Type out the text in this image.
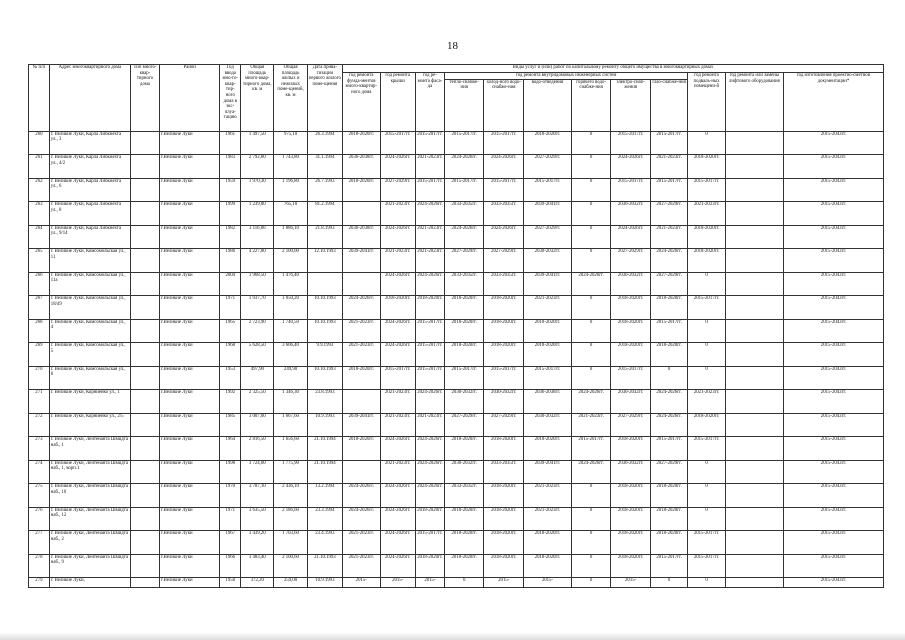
18
№ п/п	Адрес многоквартирного дома	Тип много-квар-тирного дома	Район	Год ввода мно-го-квар-тир-ного дома в экс-плуа-тацию	Общая площадь много-квар-тирного дома, кв. м	Общая площадь жилых и нежилых поме-щений, кв. м	Дата прива-тизации первого жилого поме-щения	Виды услуг и (или) работ по капитальному ремонту общего имущества в многоквартирных домах											
								год ремонта фунда-ментов много-квартир-ного дома	год ремонта крыши	год ре-монта фаса-да	год ремонта внутридомовых инженерных систем						год ремонта подваль-ных помещени-й	год ремонта или замены лифтового оборудования	год изготовления проектно-сметной документации*
											тепло-снабже-ния	холод-ного водо-снабже-ния	водо-отведения	горячего водо-снабже-ния	электро-снаб-жения	газо-снабже-ния			
260	г. Великие Луки, Карла Либкнехта ул., 3		г.Великие Луки	1961	1 497,50	975,10	26.3.1994	2018-2020гг.	2015-2017гг.	2015-2017гг.	2015-2017гг.	2015-2017гг.	2018-2020гг.	0	2015-2017гг.	2015-2017гг.	0		2015-2043гг.
261	г. Великие Луки, Карла Либкнехта ул., 4/2		г.Великие Луки	1983	2 792,80	1 743,80	31.1.1994	2036-2038гг.	2024-2026гг.	2021-2023гг.	2024-2026гг.	2024-2026гг.	2027-2029гг.	0	2024-2026гг.	2021-2023гг.	2018-2020гг.		2015-2043гг.
262	г. Великие Луки, Карла Либкнехта ул., 6		г.Великие Луки	1959	1 970,30	1 196,80	26.7.1993	2018-2020гг.	2027-2029гг.	2015-2017гг.	2015-2017гг.	2015-2017гг.	2015-2017гг.	0	2015-2017гг.	2015-2017гг.	2015-2017гг.		2015-2043гг.
263	г. Великие Луки, Карла Либкнехта ул., 8		г.Великие Луки	1999	1 239,80	765,10	81.2.1994		2021-2023гг.	2024-2026гг.	2033-2035гг.	2033-2035гг.	2039-2041гг.	0	2030-2032гг.	2027-2029гг.	2021-2023гг.		2015-2043гг.
264	г. Великие Луки, Карла Либкнехта ул., 9/14		г.Великие Луки	1982	3 116,00	1 886,10	21.8.1993	2036-2038гг.	2024-2026гг.	2021-2023гг.	2024-2026гг.	2024-2026гг.	2027-2029гг.	0	2024-2026гг.	2021-2023гг.	2018-2020гг.		2015-2043гг.
265	г. Великие Луки, Комсомольская ул., 11		г.Великие Луки	1986	4 227,80	2 100,00	12.10.1993	2039-2041гг.	2021-2023гг.	2021-2023гг.	2027-2029гг.	2027-2029гг.	2030-2032гг.	0	2027-2029гг.	2024-2026гг.	2018-2020гг.		2015-2043гг.
266	г. Великие Луки, Комсомольская ул., 11а		г.Великие Луки	2004	1 968,50	1 476,40			2024-2026гг.	2024-2026гг.	2033-2035гг.	2033-2035гг.	2039-2041гг.	2024-2026гг.	2030-2032гг.	2027-2029гг.	0		2015-2043гг.
267	г. Великие Луки, Комсомольская ул., 18/49		г.Великие Луки	1971	1 937,70	1 050,20	10.10.1993	2024-2026гг.	2018-2020гг.	2018-2020гг.	2018-2020гг.	2018-2020гг.	2021-2023гг.	0	2018-2020гг.	2018-2020гг.	2015-2017гг.		2015-2043гг.
268	г. Великие Луки, Комсомольская ул., 4		г.Великие Луки	1965	2 723,90	1 740,50	10.10.1993	2021-2023гг.	2024-2026гг.	2015-2017гг.	2018-2020гг.	2018-2020гг.	2018-2020гг.	0	2018-2020гг.	2015-2017гг.	0		2015-2043гг.
269	г. Великие Луки, Комсомольская ул., 5		г.Великие Луки	1968	5 628,50	3 606,40	9.9.1993	2021-2023гг.	2024-2026гг.	2015-2017гг.	2018-2020гг.	2018-2020гг.	2018-2020гг.	0	2018-2020гг.	2018-2020гг.	0		2015-2043гг.
270	г. Великие Луки, Комсомольская ул., 6		г.Великие Луки	1953	497,90	249,90	10.10.1993	2018-2020гг.	2015-2017гг.	2015-2017гг.	2015-2017гг.	2015-2017гг.	2015-2017гг.	0	2015-2017гг.	0	0		2015-2043гг.
271	г. Великие Луки, Корниенко ул., 1		г.Великие Луки	1992	2 325,50	1 346,30	23.8.1993		2021-2023гг.	2024-2026гг.	2030-2032гг.	2030-2032гг.	2036-2038гг.	2024-2026гг.	2030-2032гг.	2024-2026гг.	2021-2023гг.		2015-2043гг.
272	г. Великие Луки, Корниенко ул., 2/5		г.Великие Луки	1985	3 007,00	1 667,60	10.9.1993	2039-2041гг.	2021-2023гг.	2021-2023гг.	2027-2029гг.	2027-2029гг.	2030-2032гг.	2021-2023гг.	2027-2029гг.	2024-2026гг.	2018-2020гг.		2015-2043гг.
273	г. Великие Луки, Лейтенанта Шмидта наб., 1		г.Великие Луки	1964	2 816,50	1 656,60	21.10.1994	2018-2020гг.	2024-2026гг.	2024-2026гг.	2018-2020гг.	2018-2020гг.	2018-2020гг.	2015-2017гг.	2018-2020гг.	2015-2017гг.	2015-2017гг.		2015-2043гг.
274	г. Великие Луки, Лейтенанта Шмидта наб., 1, корп.1		г.Великие Луки	1998	3 724,00	1 775,90	21.10.1994		2021-2023гг.	2024-2026гг.	2030-2032гг.	2033-2035гг.	2039-2041гг.	2024-2026гг.	2030-2032гг.	2027-2029гг.	0		2015-2043гг.
275	г. Великие Луки, Лейтенанта Шмидта наб., 10		г.Великие Луки	1970	3 787,10	2 436,10	13.2.1994	2024-2026гг.	2024-2026гг.	2024-2026гг.	2033-2035гг.	2018-2020гг.	2021-2023гг.	0	2018-2020гг.	2018-2020гг.	0		2015-2043гг.
276	г. Великие Луки, Лейтенанта Шмидта наб., 12		г.Великие Луки	1971	3 635,50	2 186,60	23.3.1994	2024-2026гг.	2024-2026гг.	2018-2020гг.	2018-2020гг.	2018-2020гг.	2021-2023гг.	0	2018-2020гг.	2018-2020гг.	0		2015-2043гг.
277	г. Великие Луки, Лейтенанта Шмидта наб., 2		г.Великие Луки	1967	3 439,20	1 703,60	23.4.1993	2021-2023гг.	2024-2026гг.	2015-2017гг.	2018-2020гг.	2018-2020гг.	2018-2020гг.	0	2018-2020гг.	2018-2020гг.	2015-2017гг.		2015-2043гг.
278	г. Великие Луки, Лейтенанта Шмидта наб., 9		г.Великие Луки	1966	3 483,40	2 100,60	21.10.1993	2021-2023гг.	2024-2026гг.	2018-2020гг.	2018-2020гг.	2018-2020гг.	2018-2020гг.	0	2018-2020гг.	2015-2017гг.	2015-2017гг.		2015-2043гг.
279	г. Великие Луки,		г.Великие Луки	1958	372,20	259,00	10.9.1993	2015-	2015-	2015-	0	2015-	2015-	0	2015-	0	0		2015-2043гг.
